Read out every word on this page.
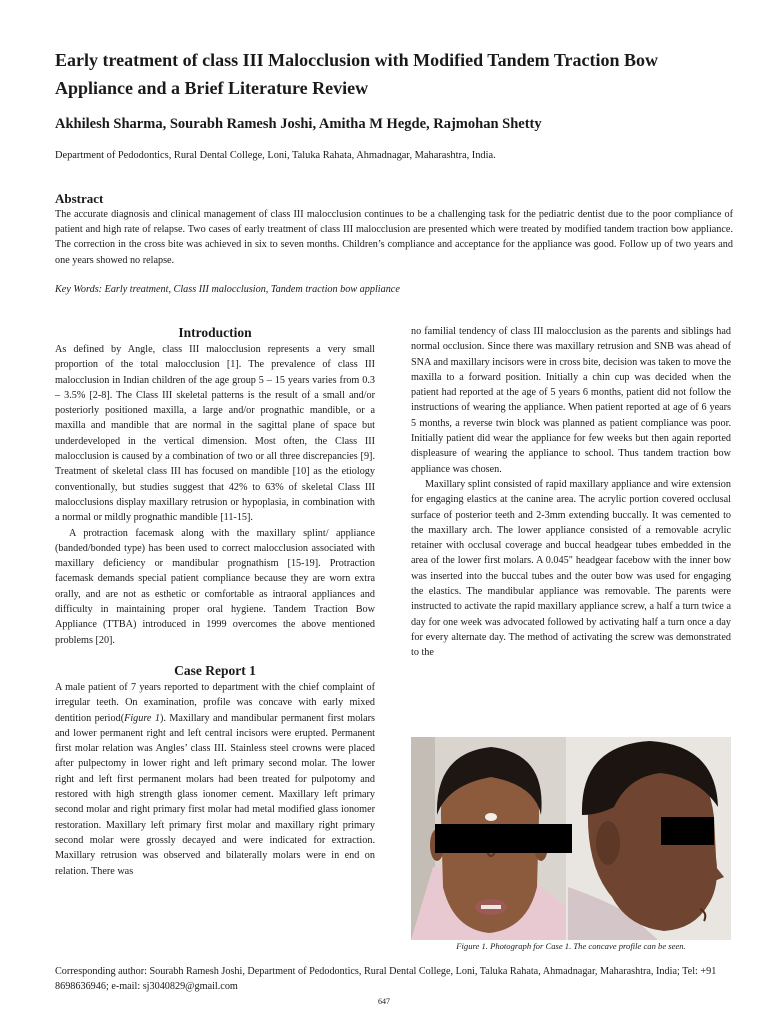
Early treatment of class III Malocclusion with Modified Tandem Traction Bow Appliance and a Brief Literature Review
Akhilesh Sharma, Sourabh Ramesh Joshi, Amitha M Hegde, Rajmohan Shetty
Department of Pedodontics, Rural Dental College, Loni, Taluka Rahata, Ahmadnagar, Maharashtra, India.
Abstract
The accurate diagnosis and clinical management of class III malocclusion continues to be a challenging task for the pediatric dentist due to the poor compliance of patient and high rate of relapse. Two cases of early treatment of class III malocclusion are presented which were treated by modified tandem traction bow appliance. The correction in the cross bite was achieved in six to seven months. Children’s compliance and acceptance for the appliance was good. Follow up of two years and one years showed no relapse.
Key Words: Early treatment, Class III malocclusion, Tandem traction bow appliance
Introduction

As defined by Angle, class III malocclusion represents a very small proportion of the total malocclusion [1]. The prevalence of class III malocclusion in Indian children of the age group 5 – 15 years varies from 0.3 – 3.5% [2-8]. The Class III skeletal patterns is the result of a small and/or posteriorly positioned maxilla, a large and/or prognathic mandible, or a maxilla and mandible that are normal in the sagittal plane of space but underdeveloped in the vertical dimension. Most often, the Class III malocclusion is caused by a combination of two or all three discrepancies [9]. Treatment of skeletal class III has focused on mandible [10] as the etiology conventionally, but studies suggest that 42% to 63% of skeletal Class III malocclusions display maxillary retrusion or hypoplasia, in combination with a normal or mildly prognathic mandible [11-15].

A protraction facemask along with the maxillary splint/ appliance (banded/bonded type) has been used to correct malocclusion associated with maxillary deficiency or mandibular prognathism [15-19]. Protraction facemask demands special patient compliance because they are worn extra orally, and are not as esthetic or comfortable as intraoral appliances and difficulty in maintaining proper oral hygiene. Tandem Traction Bow Appliance (TTBA) introduced in 1999 overcomes the above mentioned problems [20].

Case Report 1

A male patient of 7 years reported to department with the chief complaint of irregular teeth. On examination, profile was concave with early mixed dentition period(Figure 1). Maxillary and mandibular permanent first molars and lower permanent right and left central incisors were erupted. Permanent first molar relation was Angles’ class III. Stainless steel crowns were placed after pulpectomy in lower right and left primary second molar. The lower right and left first permanent molars had been treated for pulpotomy and restored with high strength glass ionomer cement. Maxillary left primary second molar and right primary first molar had metal modified glass ionomer restoration. Maxillary left primary first molar and maxillary right primary second molar were grossly decayed and were indicated for extraction. Maxillary retrusion was observed and bilaterally molars were in end on relation. There was

no familial tendency of class III malocclusion as the parents and siblings had normal occlusion. Since there was maxillary retrusion and SNB was ahead of SNA and maxillary incisors were in cross bite, decision was taken to move the maxilla to a forward position. Initially a chin cup was decided when the patient had reported at the age of 5 years 6 months, patient did not follow the instructions of wearing the appliance. When patient reported at age of 6 years 5 months, a reverse twin block was planned as patient compliance was poor. Initially patient did wear the appliance for few weeks but then again reported displeasure of wearing the appliance to school. Thus tandem traction bow appliance was chosen.

Maxillary splint consisted of rapid maxillary appliance and wire extension for engaging elastics at the canine area. The acrylic portion covered occlusal surface of posterior teeth and 2-3mm extending buccally. It was cemented to the maxillary arch. The lower appliance consisted of a removable acrylic retainer with occlusal coverage and buccal headgear tubes embedded in the area of the lower first molars. A 0.045" headgear facebow with the inner bow was inserted into the buccal tubes and the outer bow was used for engaging the elastics. The mandibular appliance was removable. The parents were instructed to activate the rapid maxillary appliance screw, a half a turn twice a day for one week was advocated followed by activating half a turn once a day for every alternate day. The method of activating the screw was demonstrated to the

Figure 1. Photograph for Case 1. The concave profile can be seen.
Corresponding author: Sourabh Ramesh Joshi, Department of Pedodontics, Rural Dental College, Loni, Taluka Rahata, Ahmadnagar, Maharashtra, India; Tel: +91 8698636946; e-mail: sj3040829@gmail.com
647
